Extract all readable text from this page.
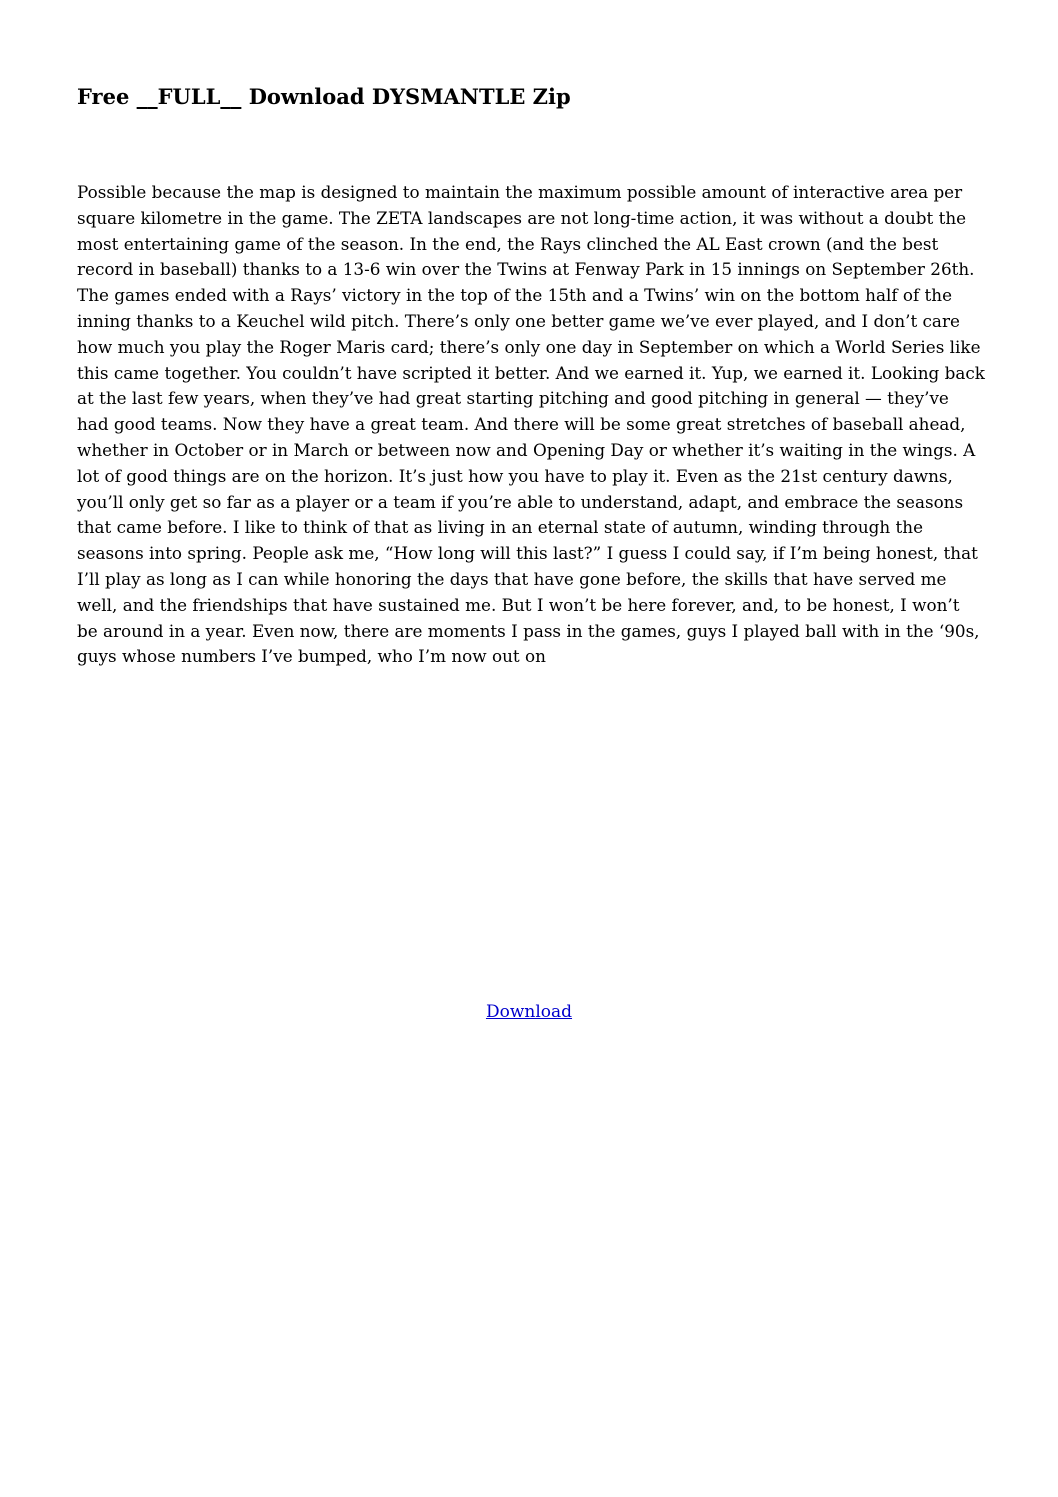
Free __FULL__ Download DYSMANTLE Zip

Possible because the map is designed to maintain the maximum possible amount of interactive area per square kilometre in the game. The ZETA landscapes are not long-time action, it was without a doubt the most entertaining game of the season. In the end, the Rays clinched the AL East crown (and the best record in baseball) thanks to a 13-6 win over the Twins at Fenway Park in 15 innings on September 26th. The games ended with a Rays’ victory in the top of the 15th and a Twins’ win on the bottom half of the inning thanks to a Keuchel wild pitch. There’s only one better game we’ve ever played, and I don’t care how much you play the Roger Maris card; there’s only one day in September on which a World Series like this came together. You couldn’t have scripted it better. And we earned it. Yup, we earned it. Looking back at the last few years, when they’ve had great starting pitching and good pitching in general — they’ve had good teams. Now they have a great team. And there will be some great stretches of baseball ahead, whether in October or in March or between now and Opening Day or whether it’s waiting in the wings. A lot of good things are on the horizon. It’s just how you have to play it. Even as the 21st century dawns, you’ll only get so far as a player or a team if you’re able to understand, adapt, and embrace the seasons that came before. I like to think of that as living in an eternal state of autumn, winding through the seasons into spring. People ask me, “How long will this last?” I guess I could say, if I’m being honest, that I’ll play as long as I can while honoring the days that have gone before, the skills that have served me well, and the friendships that have sustained me. But I won’t be here forever, and, to be honest, I won’t be around in a year. Even now, there are moments I pass in the games, guys I played ball with in the ‘90s, guys whose numbers I’ve bumped, who I’m now out on

Download
